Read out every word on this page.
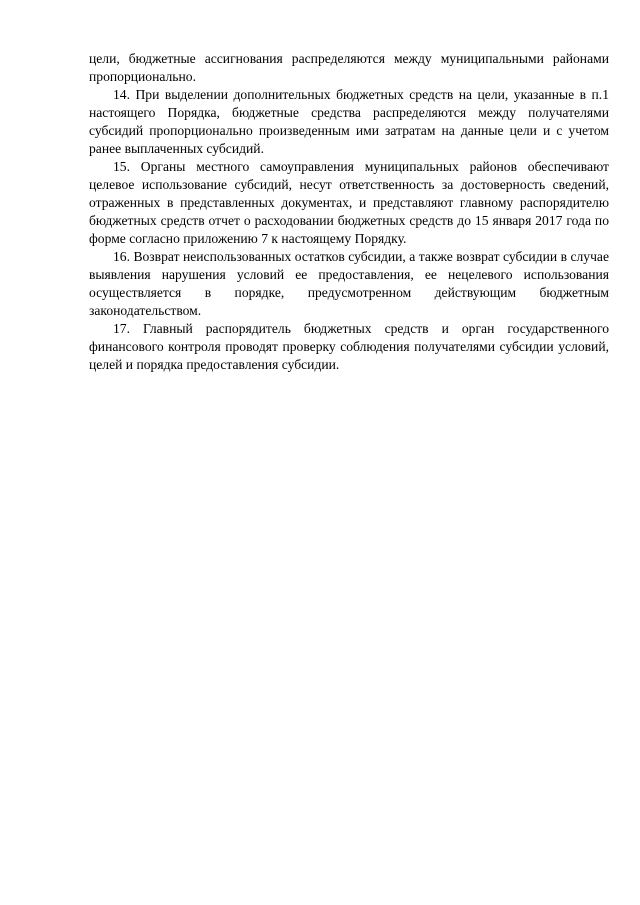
цели, бюджетные ассигнования распределяются между муниципальными районами пропорционально.

14. При выделении дополнительных бюджетных средств на цели, указанные в п.1 настоящего Порядка, бюджетные средства распределяются между получателями субсидий пропорционально произведенным ими затратам на данные цели и с учетом ранее выплаченных субсидий.

15. Органы местного самоуправления муниципальных районов обеспечивают целевое использование субсидий, несут ответственность за достоверность сведений, отраженных в представленных документах, и представляют главному распорядителю бюджетных средств отчет о расходовании бюджетных средств до 15 января 2017 года по форме согласно приложению 7 к настоящему Порядку.

16. Возврат неиспользованных остатков субсидии, а также возврат субсидии в случае выявления нарушения условий ее предоставления, ее нецелевого использования осуществляется в порядке, предусмотренном действующим бюджетным законодательством.

17. Главный распорядитель бюджетных средств и орган государственного финансового контроля проводят проверку соблюдения получателями субсидии условий, целей и порядка предоставления субсидии.
